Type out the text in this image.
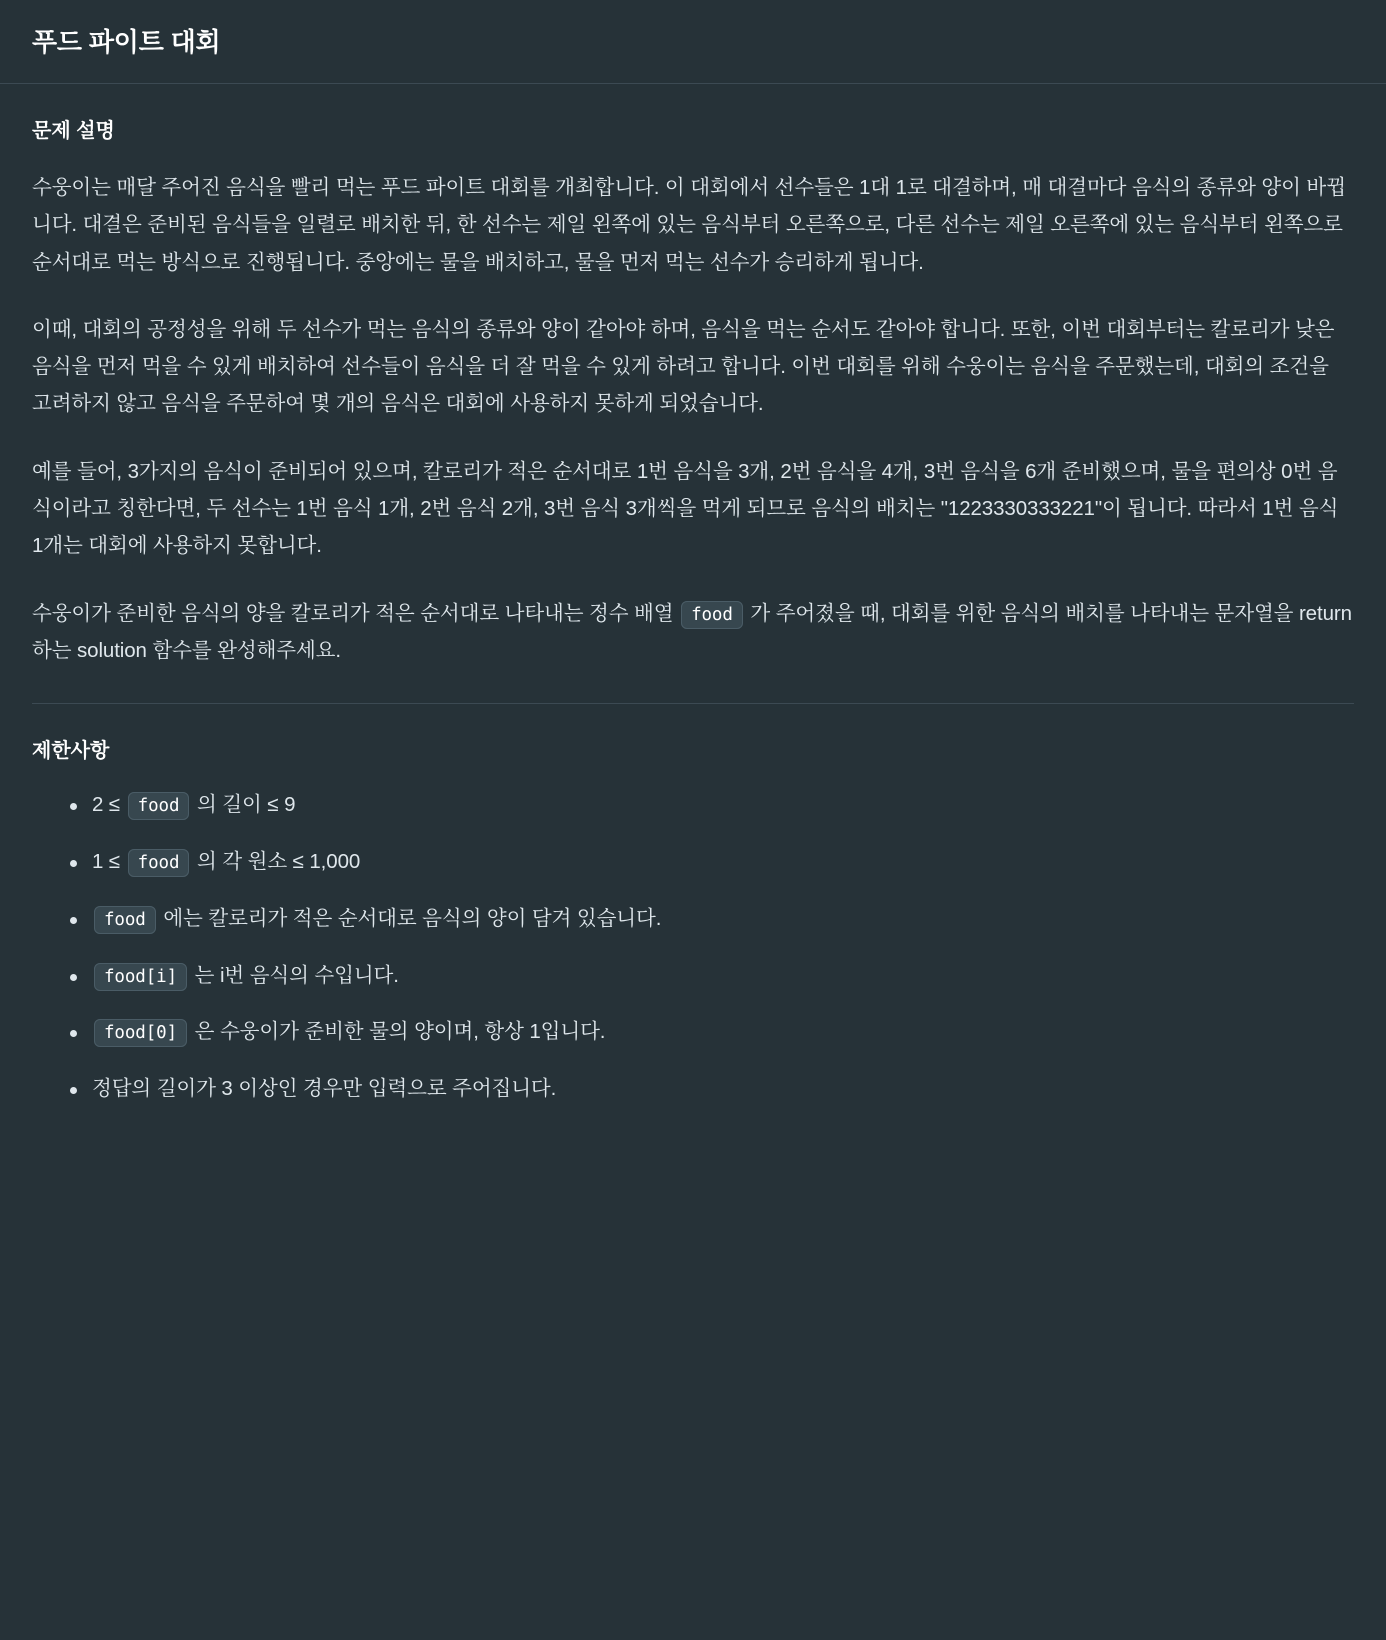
푸드 파이트 대회
문제 설명

수웅이는 매달 주어진 음식을 빨리 먹는 푸드 파이트 대회를 개최합니다. 이 대회에서 선수들은 1대 1로 대결하며, 매 대결마다 음식의 종류와 양이 바뀝니다. 대결은 준비된 음식들을 일렬로 배치한 뒤, 한 선수는 제일 왼쪽에 있는 음식부터 오른쪽으로, 다른 선수는 제일 오른쪽에 있는 음식부터 왼쪽으로 순서대로 먹는 방식으로 진행됩니다. 중앙에는 물을 배치하고, 물을 먼저 먹는 선수가 승리하게 됩니다.

이때, 대회의 공정성을 위해 두 선수가 먹는 음식의 종류와 양이 같아야 하며, 음식을 먹는 순서도 같아야 합니다. 또한, 이번 대회부터는 칼로리가 낮은 음식을 먼저 먹을 수 있게 배치하여 선수들이 음식을 더 잘 먹을 수 있게 하려고 합니다. 이번 대회를 위해 수웅이는 음식을 주문했는데, 대회의 조건을 고려하지 않고 음식을 주문하여 몇 개의 음식은 대회에 사용하지 못하게 되었습니다.

예를 들어, 3가지의 음식이 준비되어 있으며, 칼로리가 적은 순서대로 1번 음식을 3개, 2번 음식을 4개, 3번 음식을 6개 준비했으며, 물을 편의상 0번 음식이라고 칭한다면, 두 선수는 1번 음식 1개, 2번 음식 2개, 3번 음식 3개씩을 먹게 되므로 음식의 배치는 "1223330333221"이 됩니다. 따라서 1번 음식 1개는 대회에 사용하지 못합니다.

수웅이가 준비한 음식의 양을 칼로리가 적은 순서대로 나타내는 정수 배열 food 가 주어졌을 때, 대회를 위한 음식의 배치를 나타내는 문자열을 return 하는 solution 함수를 완성해주세요.

제한사항
2 ≤ food 의 길이 ≤ 9
1 ≤ food 의 각 원소 ≤ 1,000
food 에는 칼로리가 적은 순서대로 음식의 양이 담겨 있습니다.
food[i] 는 i번 음식의 수입니다.
food[0] 은 수웅이가 준비한 물의 양이며, 항상 1입니다.
정답의 길이가 3 이상인 경우만 입력으로 주어집니다.
